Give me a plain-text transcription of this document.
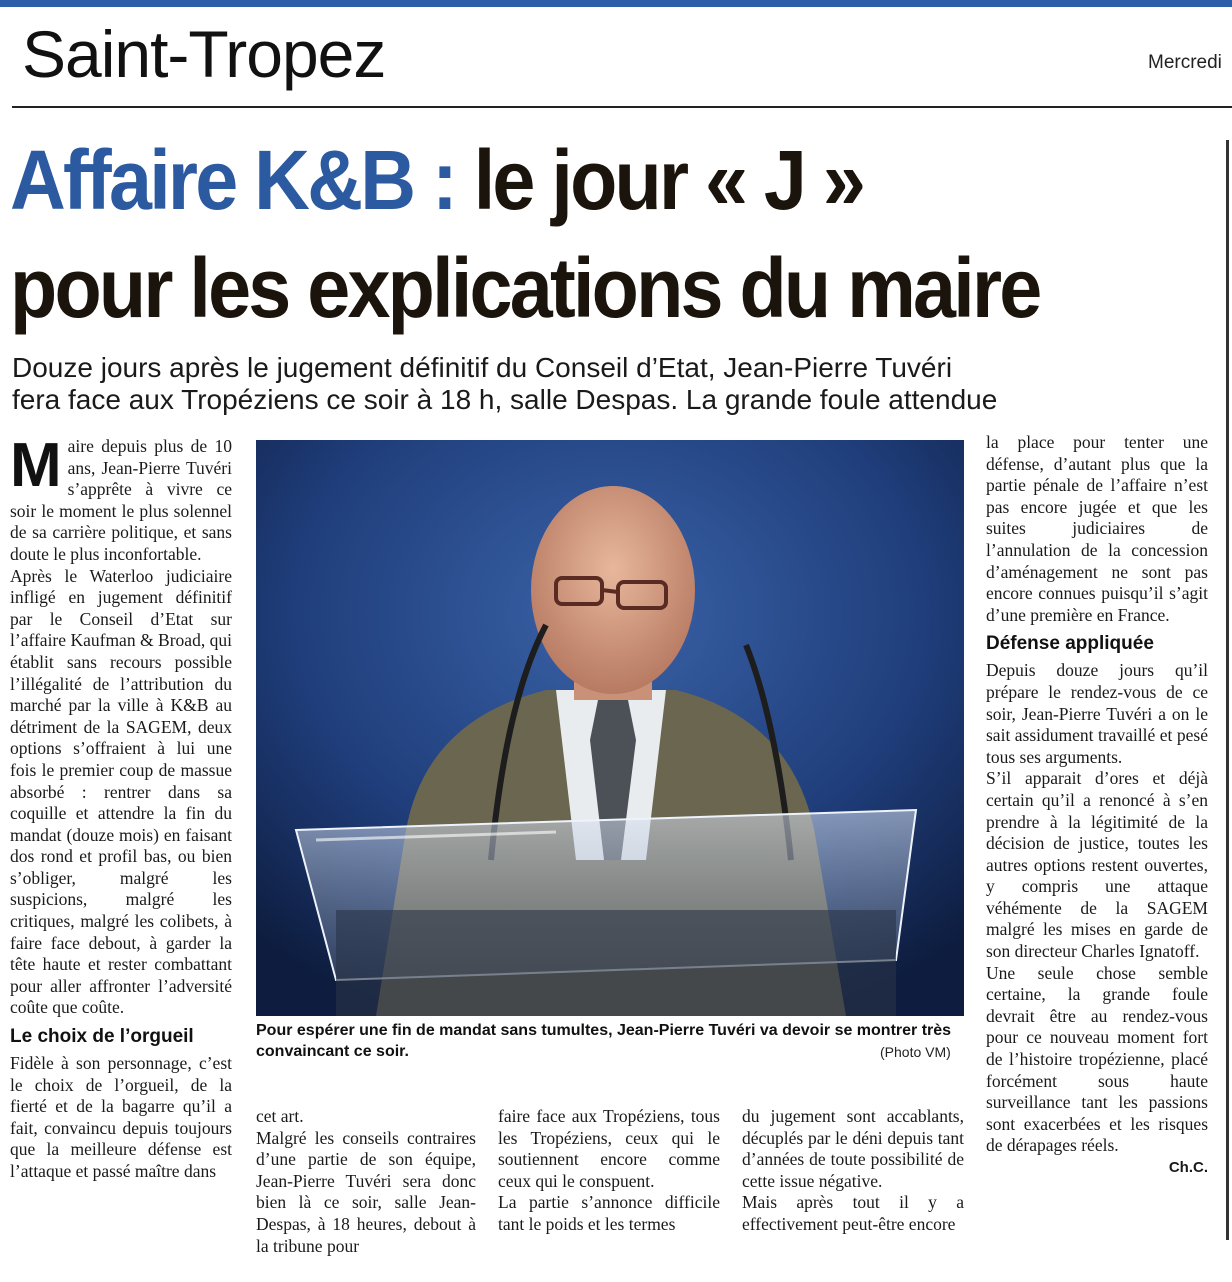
Saint-Tropez	Mercredi
Affaire K&B : le jour « J »
pour les explications du maire
Douze jours après le jugement définitif du Conseil d’Etat, Jean-Pierre Tuvéri
fera face aux Tropéziens ce soir à 18 h, salle Despas. La grande foule attendue

M aire depuis plus de 10 ans, Jean-Pierre Tuvéri s’apprête à vivre ce soir le moment le plus solennel de sa carrière politique, et sans doute le plus inconfortable.

Après le Waterloo judiciaire infligé en jugement définitif par le Conseil d’Etat sur l’affaire Kaufman & Broad, qui établit sans recours possible l’illégalité de l’attribution du marché par la ville à K&B au détriment de la SAGEM, deux options s’offraient à lui une fois le premier coup de massue absorbé : rentrer dans sa coquille et attendre la fin du mandat (douze mois) en faisant dos rond et profil bas, ou bien s’obliger, malgré les suspicions, malgré les critiques, malgré les colibets, à faire face debout, à garder la tête haute et rester combattant pour aller affronter l’adversité coûte que coûte.

Le choix de l’orgueil

Fidèle à son personnage, c’est le choix de l’orgueil, de la fierté et de la bagarre qu’il a fait, convaincu depuis toujours que la meilleure défense est l’attaque et passé maître dans

Pour espérer une fin de mandat sans tumultes, Jean-Pierre Tuvéri va devoir se montrer très convaincant ce soir.	(Photo VM)

cet art.

Malgré les conseils contraires d’une partie de son équipe, Jean-Pierre Tuvéri sera donc bien là ce soir, salle Jean-Despas, à 18 heures, debout à la tribune pour

faire face aux Tropéziens, tous les Tropéziens, ceux qui le soutiennent encore comme ceux qui le conspuent.

La partie s’annonce difficile tant le poids et les termes

du jugement sont accablants, décuplés par le déni depuis tant d’années de toute possibilité de cette issue négative.

Mais après tout il y a effectivement peut-être encore

la place pour tenter une défense, d’autant plus que la partie pénale de l’affaire n’est pas encore jugée et que les suites judiciaires de l’annulation de la concession d’aménagement ne sont pas encore connues puisqu’il s’agit d’une première en France.

Défense appliquée

Depuis douze jours qu’il prépare le rendez-vous de ce soir, Jean-Pierre Tuvéri a on le sait assidument travaillé et pesé tous ses arguments.

S’il apparait d’ores et déjà certain qu’il a renoncé à s’en prendre à la légitimité de la décision de justice, toutes les autres options restent ouvertes, y compris une attaque véhémente de la SAGEM malgré les mises en garde de son directeur Charles Ignatoff.

Une seule chose semble certaine, la grande foule devrait être au rendez-vous pour ce nouveau moment fort de l’histoire tropézienne, placé forcément sous haute surveillance tant les passions sont exacerbées et les risques de dérapages réels.

Ch.C.
